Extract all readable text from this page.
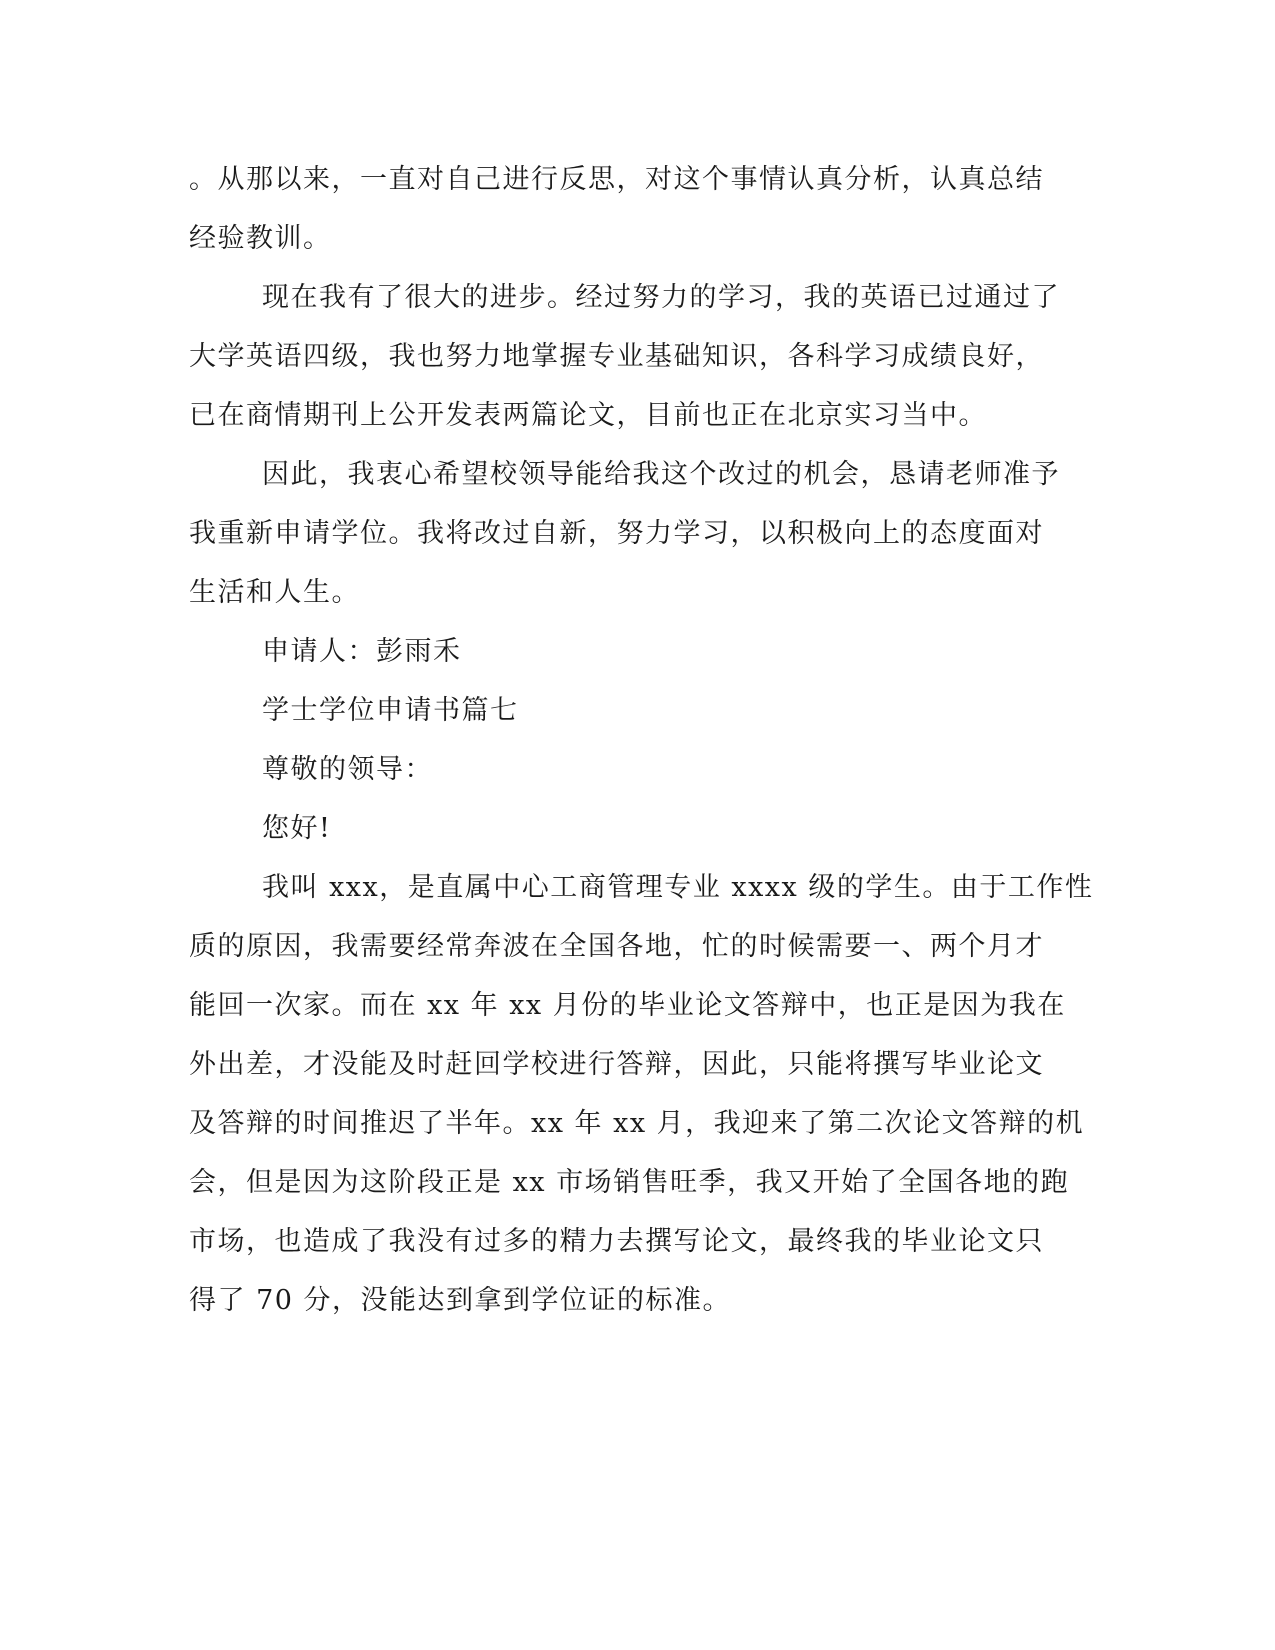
。从那以来，一直对自己进行反思，对这个事情认真分析，认真总结

经验教训。

现在我有了很大的进步。经过努力的学习，我的英语已过通过了

大学英语四级，我也努力地掌握专业基础知识，各科学习成绩良好，

已在商情期刊上公开发表两篇论文，目前也正在北京实习当中。

因此，我衷心希望校领导能给我这个改过的机会，恳请老师准予

我重新申请学位。我将改过自新，努力学习，以积极向上的态度面对

生活和人生。

申请人：彭雨禾

学士学位申请书篇七

尊敬的领导：

您好!

我叫 xxx，是直属中心工商管理专业 xxxx 级的学生。由于工作性

质的原因，我需要经常奔波在全国各地，忙的时候需要一、两个月才

能回一次家。而在 xx 年 xx 月份的毕业论文答辩中，也正是因为我在

外出差，才没能及时赶回学校进行答辩，因此，只能将撰写毕业论文

及答辩的时间推迟了半年。xx 年 xx 月，我迎来了第二次论文答辩的机

会，但是因为这阶段正是 xx 市场销售旺季，我又开始了全国各地的跑

市场，也造成了我没有过多的精力去撰写论文，最终我的毕业论文只

得了 70 分，没能达到拿到学位证的标准。
